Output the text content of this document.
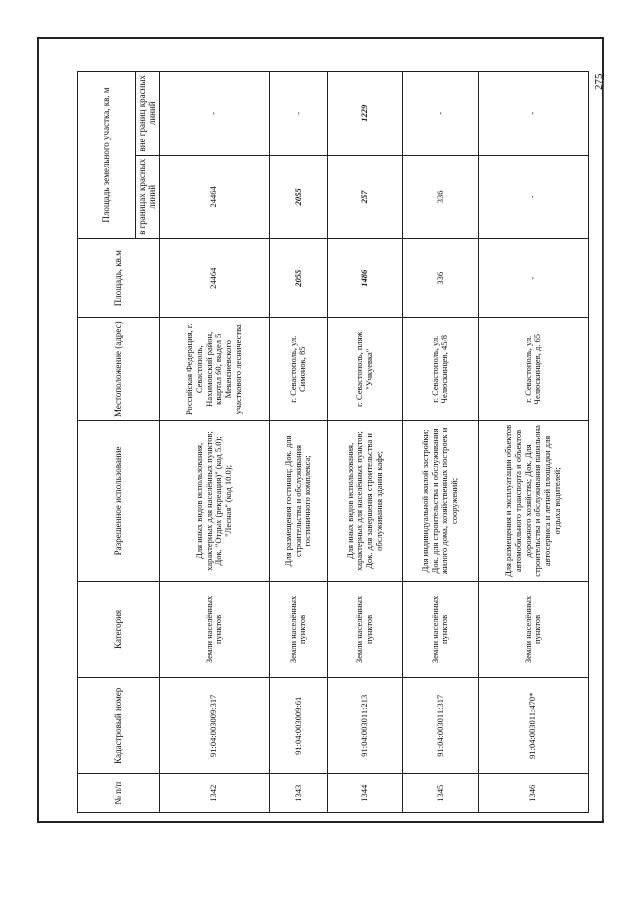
275
№ п/п	Кадастровый номер	Категория	Разрешенное использование	Местоположение (адрес)	Площадь, кв.м	Площадь земельного участка, кв. м	
						в границах красных линий	вне границ красных линий
1342	91:04:003009:317	Земли населённых пунктов	Для иных видов использования, характерных для населённых пунктов; Док. "Отдых (рекреация)" (код 5.0); "Лесная" (код 10.0);	Российская Федерация, г. Севастополь, Нахимовский район, квартал 60, выдел 5 Мекензиевского участкового лесничества	24464	24464	-
1343	91:04:003009:61	Земли населённых пунктов	Для размещения гостиниц; Док. для строительства и обслуживания гостиничного комплекса;	г. Севастополь, ул. Симонок, 85	2055	2055	-
1344	91:04:003011:213	Земли населённых пунктов	Для иных видов использования, характерных для населённых пунктов; Док. для завершения строительства и обслуживания здания кафе;	г. Севастополь, пляж "Учкуевка"	1486	257	1229
1345	91:04:003011:317	Земли населённых пунктов	Для индивидуальной жилой застройки; Док. для строительства и обслуживания жилого дома, хозяйственных построек и сооружений;	г. Севастополь, ул. Челюскинцев, 45/8	336	336	-
1346	91:04:003011:470*	Земли населённых пунктов	Для размещения и эксплуатации объектов автомобильного транспорта и объектов дорожного хозяйства; Док. Для строительства и обслуживания павильона автосервиса и летней площадки для отдыха водителей;	г. Севастополь, ул. Челюскинцев, д. 65	-	-	-
